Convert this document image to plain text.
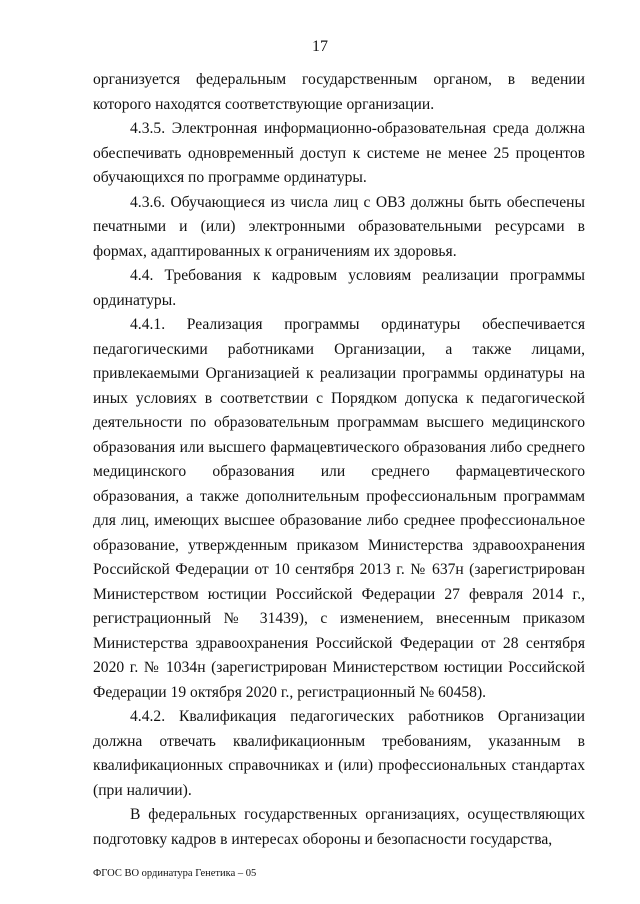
17

организуется федеральным государственным органом, в ведении которого находятся соответствующие организации.

4.3.5. Электронная информационно-образовательная среда должна обеспечивать одновременный доступ к системе не менее 25 процентов обучающихся по программе ординатуры.

4.3.6. Обучающиеся из числа лиц с ОВЗ должны быть обеспечены печатными и (или) электронными образовательными ресурсами в формах, адаптированных к ограничениям их здоровья.

4.4. Требования к кадровым условиям реализации программы ординатуры.

4.4.1. Реализация программы ординатуры обеспечивается педагогическими работниками Организации, а также лицами, привлекаемыми Организацией к реализации программы ординатуры на иных условиях в соответствии с Порядком допуска к педагогической деятельности по образовательным программам высшего медицинского образования или высшего фармацевтического образования либо среднего медицинского образования или среднего фармацевтического образования, а также дополнительным профессиональным программам для лиц, имеющих высшее образование либо среднее профессиональное образование, утвержденным приказом Министерства здравоохранения Российской Федерации от 10 сентября 2013 г. № 637н (зарегистрирован Министерством юстиции Российской Федерации 27 февраля 2014 г., регистрационный № 31439), с изменением, внесенным приказом Министерства здравоохранения Российской Федерации от 28 сентября 2020 г. № 1034н (зарегистрирован Министерством юстиции Российской Федерации 19 октября 2020 г., регистрационный № 60458).

4.4.2. Квалификация педагогических работников Организации должна отвечать квалификационным требованиям, указанным в квалификационных справочниках и (или) профессиональных стандартах (при наличии).

В федеральных государственных организациях, осуществляющих подготовку кадров в интересах обороны и безопасности государства,

ФГОС ВО ординатура Генетика – 05
